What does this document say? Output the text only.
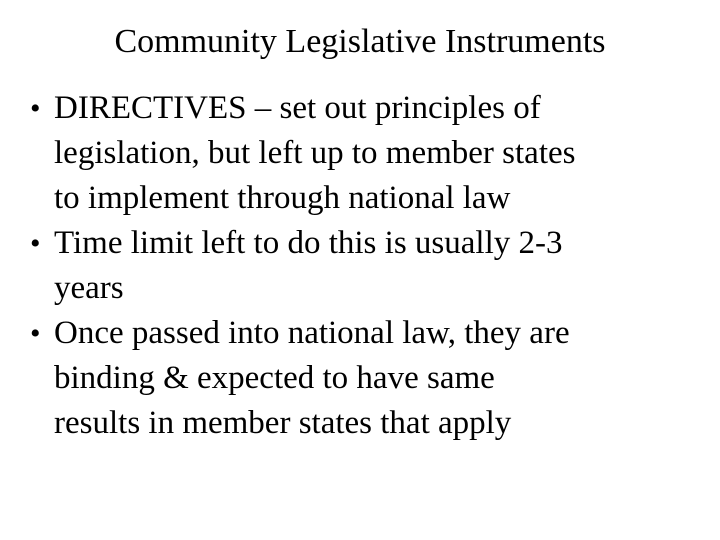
Community Legislative Instruments
• DIRECTIVES – set out principles of
legislation, but left up to member states
to implement through national law
• Time limit left to do this is usually 2-3
years
• Once passed into national law, they are
binding & expected to have same
results in member states that apply
